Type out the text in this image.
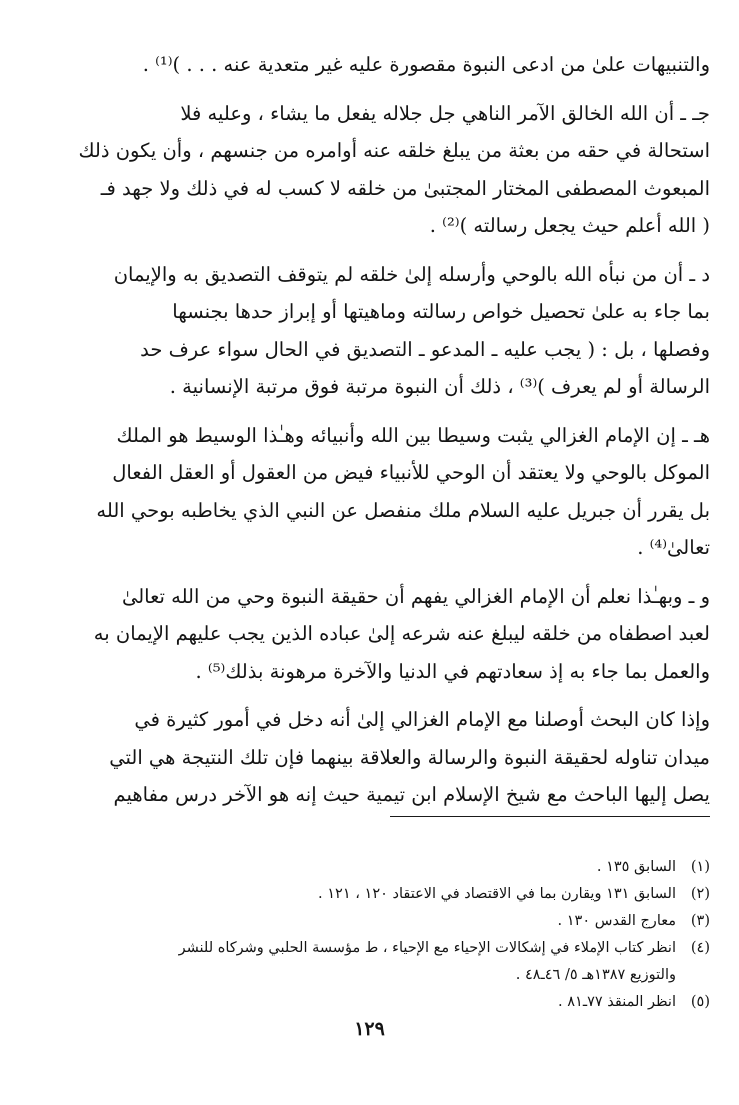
والتنبيهات علىٰ من ادعى النبوة مقصورة عليه غير متعدية عنه . . . )⁽¹⁾ .

جـ ـ أن الله الخالق الآمر الناهي جل جلاله يفعل ما يشاء ، وعليه فلا
استحالة في حقه من بعثة من يبلغ خلقه عنه أوامره من جنسهم ، وأن يكون ذلك
المبعوث المصطفى المختار المجتبىٰ من خلقه لا كسب له في ذلك ولا جهد فـ
( الله أعلم حيث يجعل رسالته )⁽²⁾ .

د ـ أن من نبأه الله بالوحي وأرسله إلىٰ خلقه لم يتوقف التصديق به والإيمان
بما جاء به علىٰ تحصيل خواص رسالته وماهيتها أو إبراز حدها بجنسها
وفصلها ، بل : ( يجب عليه ـ المدعو ـ التصديق في الحال سواء عرف حد
الرسالة أو لم يعرف )⁽³⁾ ، ذلك أن النبوة مرتبة فوق مرتبة الإنسانية .

هـ ـ إن الإمام الغزالي يثبت وسيطا بين الله وأنبيائه وهـٰذا الوسيط هو الملك
الموكل بالوحي ولا يعتقد أن الوحي للأنبياء فيض من العقول أو العقل الفعال
بل يقرر أن جبريل عليه السلام ملك منفصل عن النبي الذي يخاطبه بوحي الله
تعالىٰ⁽⁴⁾ .

و ـ وبهـٰذا نعلم أن الإمام الغزالي يفهم أن حقيقة النبوة وحي من الله تعالىٰ
لعبد اصطفاه من خلقه ليبلغ عنه شرعه إلىٰ عباده الذين يجب عليهم الإيمان به
والعمل بما جاء به إذ سعادتهم في الدنيا والآخرة مرهونة بذلك⁽⁵⁾ .

وإذا كان البحث أوصلنا مع الإمام الغزالي إلىٰ أنه دخل في أمور كثيرة في
ميدان تناوله لحقيقة النبوة والرسالة والعلاقة بينهما فإن تلك النتيجة هي التي
يصل إليها الباحث مع شيخ الإسلام ابن تيمية حيث إنه هو الآخر درس مفاهيم

(١)
السابق ١٣٥ .
(٢)
السابق ١٣١ ويقارن بما في الاقتصاد في الاعتقاد ١٢٠ ، ١٢١ .
(٣)
معارج القدس ١٣٠ .
(٤)
انظر كتاب الإملاء في إشكالات الإحياء مع الإحياء ، ط مؤسسة الحلبي وشركاه للنشر
والتوزيع ١٣٨٧هـ ٥/ ٤٦ـ٤٨ .
(٥)
انظر المنقذ ٧٧ـ٨١ .
١٢٩
